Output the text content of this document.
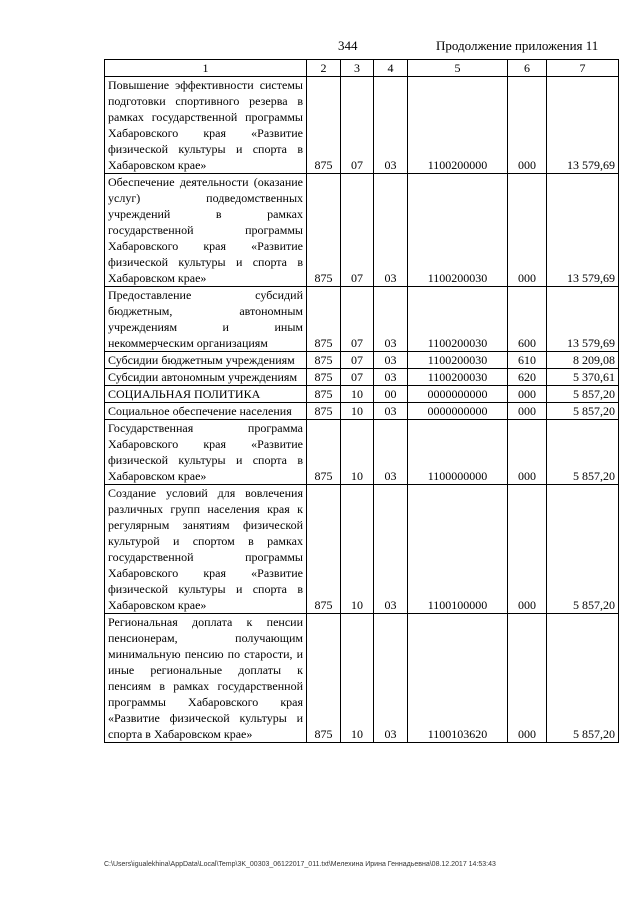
344	Продолжение приложения 11
1	2	3	4	5	6	7
Повышение эффективности системы подготовки спортивного резерва в рамках государственной программы Хабаровского края «Развитие физической культуры и спорта в Хабаровском крае»	875	07	03	1100200000	000	13 579,69
Обеспечение деятельности (оказание услуг) подведомственных учреждений в рамках государственной программы Хабаровского края «Развитие физической культуры и спорта в Хабаровском крае»	875	07	03	1100200030	000	13 579,69
Предоставление субсидий бюджетным, автономным учреждениям и иным некоммерческим организациям	875	07	03	1100200030	600	13 579,69
Субсидии бюджетным учреждениям	875	07	03	1100200030	610	8 209,08
Субсидии автономным учреждениям	875	07	03	1100200030	620	5 370,61
СОЦИАЛЬНАЯ ПОЛИТИКА	875	10	00	0000000000	000	5 857,20
Социальное обеспечение населения	875	10	03	0000000000	000	5 857,20
Государственная программа Хабаровского края «Развитие физической культуры и спорта в Хабаровском крае»	875	10	03	1100000000	000	5 857,20
Создание условий для вовлечения различных групп населения края к регулярным занятиям физической культурой и спортом в рамках государственной программы Хабаровского края «Развитие физической культуры и спорта в Хабаровском крае»	875	10	03	1100100000	000	5 857,20
Региональная доплата к пенсии пенсионерам, получающим минимальную пенсию по старости, и иные региональные доплаты к пенсиям в рамках государственной программы Хабаровского края «Развитие физической культуры и спорта в Хабаровском крае»	875	10	03	1100103620	000	5 857,20
C:\Users\igualekhina\AppData\Local\Temp\3K_00303_06122017_011.txt\Мелехина Ирина Геннадьевна\08.12.2017 14:53:43
